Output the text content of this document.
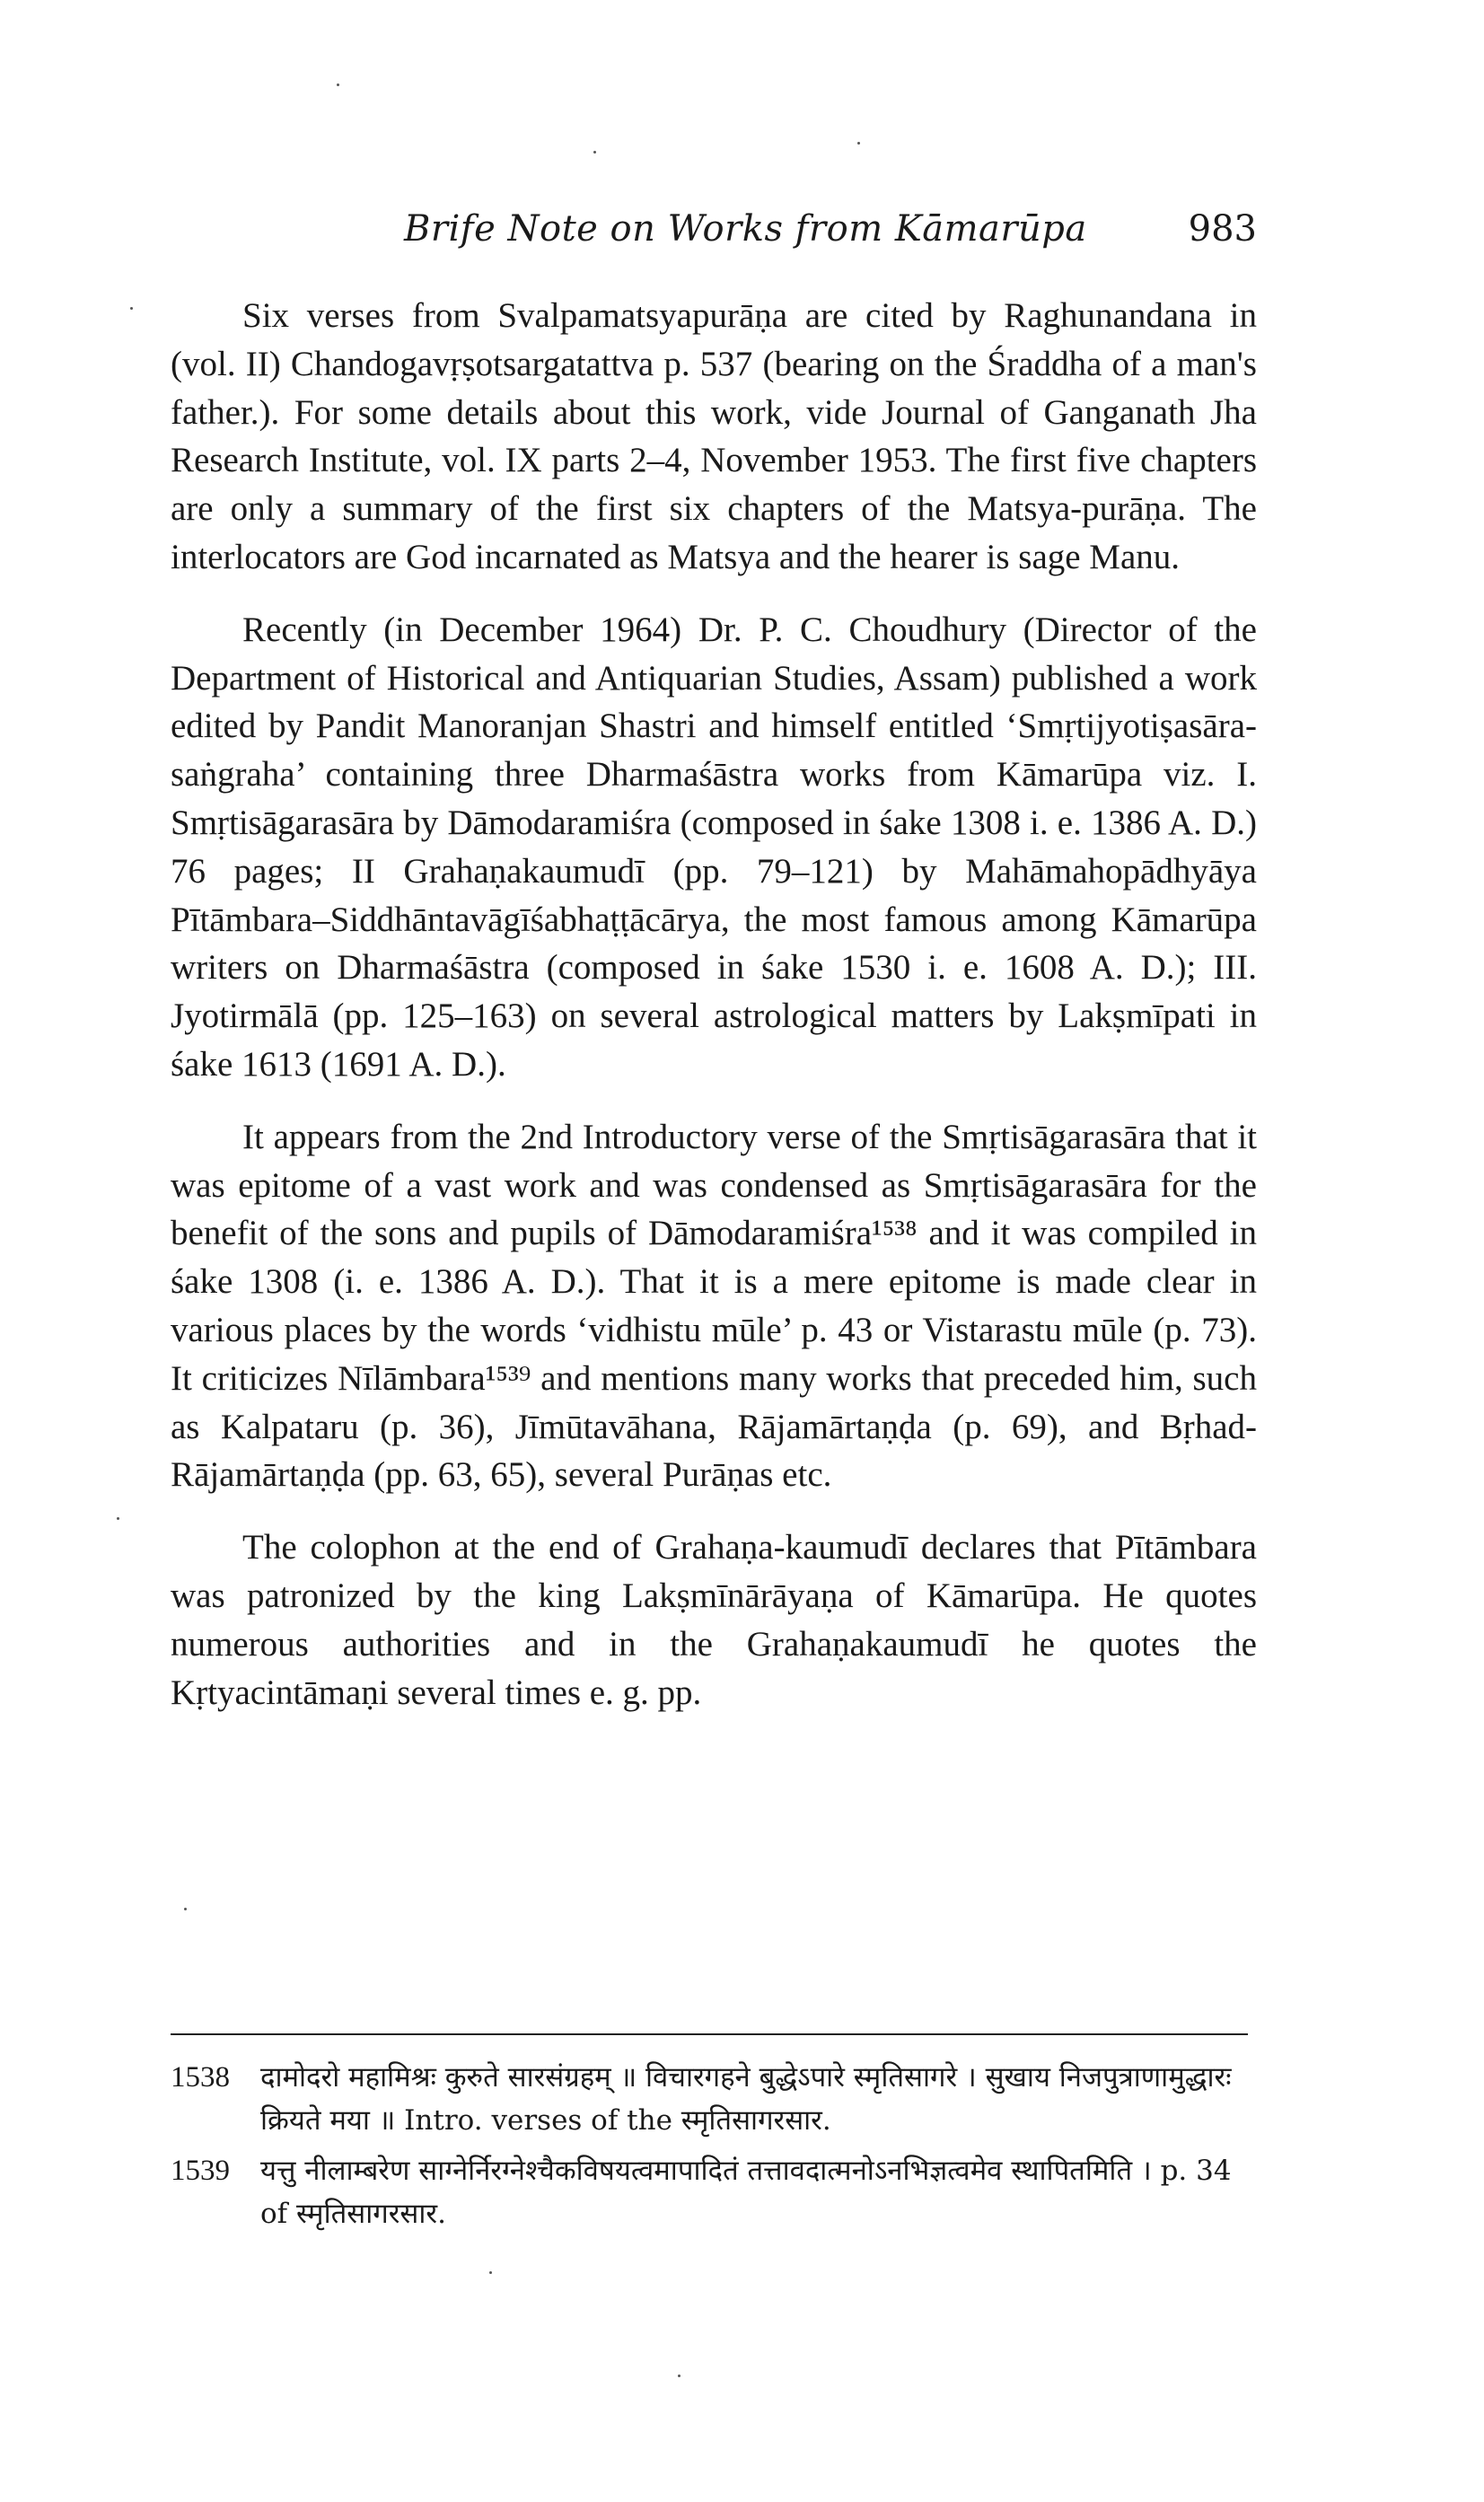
Brife Note on Works from Kāmarūpa	983

Six verses from Svalpamatsyapurāṇa are cited by Raghunandana in (vol. II) Chandogavṛṣotsargatattva p. 537 (bearing on the Śraddha of a man's father.). For some details about this work, vide Journal of Ganganath Jha Research Institute, vol. IX parts 2–4, November 1953. The first five chapters are only a summary of the first six chapters of the Matsya-purāṇa. The interlocators are God incarnated as Matsya and the hearer is sage Manu.

Recently (in December 1964) Dr. P. C. Choudhury (Director of the Department of Historical and Antiquarian Studies, Assam) published a work edited by Pandit Manoranjan Shastri and himself entitled ‘Smṛtijyotiṣasāra-saṅgraha’ containing three Dharmaśāstra works from Kāmarūpa viz. I. Smṛtisāgarasāra by Dāmodaramiśra (composed in śake 1308 i. e. 1386 A. D.) 76 pages; II Grahaṇakaumudī (pp. 79–121) by Mahāmahopādhyāya Pītāmbara–Siddhāntavāgīśabhaṭṭācārya, the most famous among Kāmarūpa writers on Dharmaśāstra (composed in śake 1530 i. e. 1608 A. D.); III. Jyotirmālā (pp. 125–163) on several astrological matters by Lakṣmīpati in śake 1613 (1691 A. D.).

It appears from the 2nd Introductory verse of the Smṛtisāgarasāra that it was epitome of a vast work and was condensed as Smṛtisāgarasāra for the benefit of the sons and pupils of Dāmodaramiśra¹⁵³⁸ and it was compiled in śake 1308 (i. e. 1386 A. D.). That it is a mere epitome is made clear in various places by the words ‘vidhistu mūle’ p. 43 or Vistarastu mūle (p. 73). It criticizes Nīlāmbara¹⁵³⁹ and mentions many works that preceded him, such as Kalpataru (p. 36), Jīmūtavāhana, Rājamārtaṇḍa (p. 69), and Bṛhad-Rājamārtaṇḍa (pp. 63, 65), several Purāṇas etc.

The colophon at the end of Grahaṇa-kaumudī declares that Pītāmbara was patronized by the king Lakṣmīnārāyaṇa of Kāmarūpa. He quotes numerous authorities and in the Grahaṇakaumudī he quotes the Kṛtyacintāmaṇi several times e. g. pp.

1538	दामोदरो महामिश्रः कुरुते सारसंग्रहम् ॥ विचारगहने बुद्धेऽपारे स्मृतिसागरे । सुखाय निजपुत्राणामुद्धारः क्रियते मया ॥ Intro. verses of the स्मृतिसागरसार.
1539	यत्तु नीलाम्बरेण साग्नेर्निरग्नेश्चैकविषयत्वमापादितं तत्तावदात्मनोऽनभिज्ञत्वमेव स्थापितमिति । p. 34 of स्मृतिसागरसार.
